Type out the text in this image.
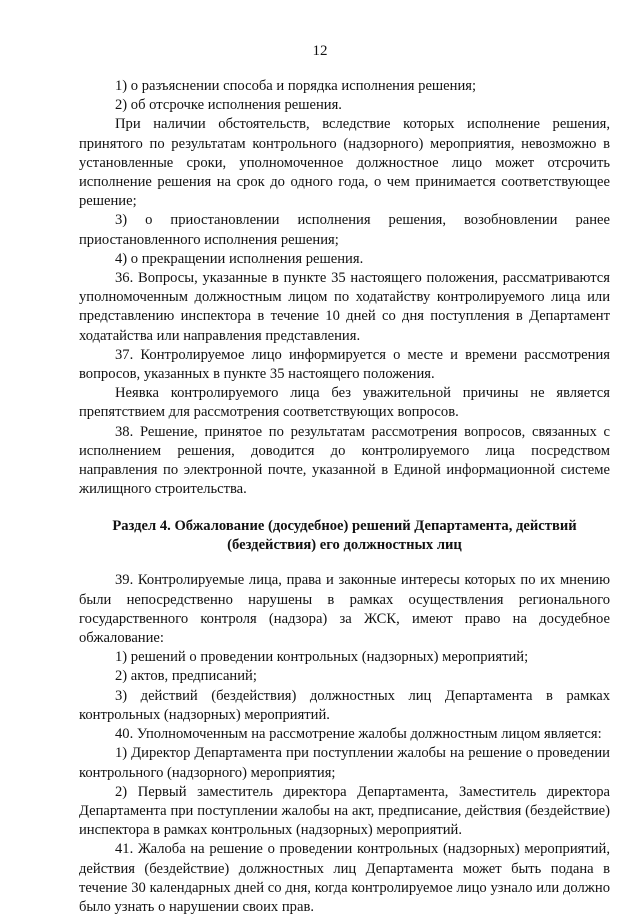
12

1) о разъяснении способа и порядка исполнения решения;

2) об отсрочке исполнения решения.

При наличии обстоятельств, вследствие которых исполнение решения, принятого по результатам контрольного (надзорного) мероприятия, невозможно в установленные сроки, уполномоченное должностное лицо может отсрочить исполнение решения на срок до одного года, о чем принимается соответствующее решение;

3) о приостановлении исполнения решения, возобновлении ранее приостановленного исполнения решения;

4) о прекращении исполнения решения.

36. Вопросы, указанные в пункте 35 настоящего положения, рассматриваются уполномоченным должностным лицом по ходатайству контролируемого лица или представлению инспектора в течение 10 дней со дня поступления в Департамент ходатайства или направления представления.

37. Контролируемое лицо информируется о месте и времени рассмотрения вопросов, указанных в пункте 35 настоящего положения.

Неявка контролируемого лица без уважительной причины не является препятствием для рассмотрения соответствующих вопросов.

38. Решение, принятое по результатам рассмотрения вопросов, связанных с исполнением решения, доводится до контролируемого лица посредством направления по электронной почте, указанной в Единой информационной системе жилищного строительства.

Раздел 4. Обжалование (досудебное) решений Департамента, действий (бездействия) его должностных лиц

39. Контролируемые лица, права и законные интересы которых по их мнению были непосредственно нарушены в рамках осуществления регионального государственного контроля (надзора) за ЖСК, имеют право на досудебное обжалование:

1) решений о проведении контрольных (надзорных) мероприятий;

2) актов, предписаний;

3) действий (бездействия) должностных лиц Департамента в рамках контрольных (надзорных) мероприятий.

40. Уполномоченным на рассмотрение жалобы должностным лицом является:

1) Директор Департамента при поступлении жалобы на решение о проведении контрольного (надзорного) мероприятия;

2) Первый заместитель директора Департамента, Заместитель директора Департамента при поступлении жалобы на акт, предписание, действия (бездействие) инспектора в рамках контрольных (надзорных) мероприятий.

41. Жалоба на решение о проведении контрольных (надзорных) мероприятий, действия (бездействие) должностных лиц Департамента может быть подана в течение 30 календарных дней со дня, когда контролируемое лицо узнало или должно было узнать о нарушении своих прав.
